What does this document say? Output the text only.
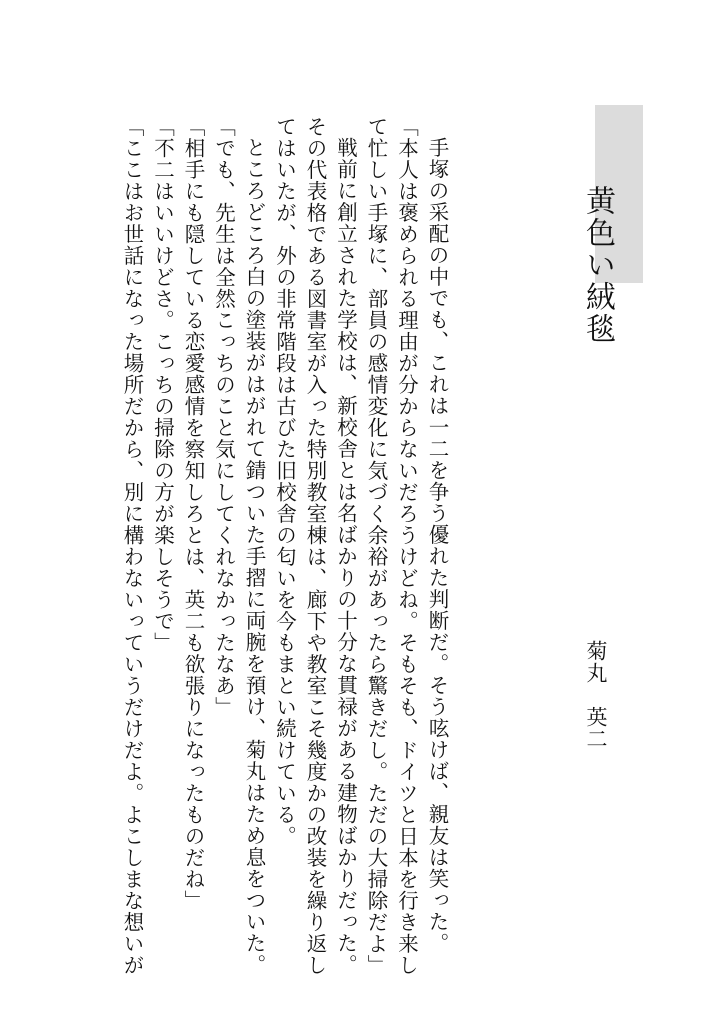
黄色い絨毯
菊丸　英二

手塚の采配の中でも、これは一二を争う優れた判断だ。そう呟けば、親友は笑った。

「本人は褒められる理由が分からないだろうけどね。そもそも、ドイツと日本を行き来し

て忙しい手塚に、部員の感情変化に気づく余裕があったら驚きだし。ただの大掃除だよ」

戦前に創立された学校は、新校舎とは名ばかりの十分な貫禄がある建物ばかりだった。

その代表格である図書室が入った特別教室棟は、廊下や教室こそ幾度かの改装を繰り返し

てはいたが、外の非常階段は古びた旧校舎の匂いを今もまとい続けている。

ところどころ白の塗装がはがれて錆ついた手摺に両腕を預け、菊丸はため息をついた。

「でも、先生は全然こっちのこと気にしてくれなかったなあ」

「相手にも隠している恋愛感情を察知しろとは、英二も欲張りになったものだね」

「不二はいいけどさ。こっちの掃除の方が楽しそうで」

「ここはお世話になった場所だから、別に構わないっていうだけだよ。よこしまな想いが
